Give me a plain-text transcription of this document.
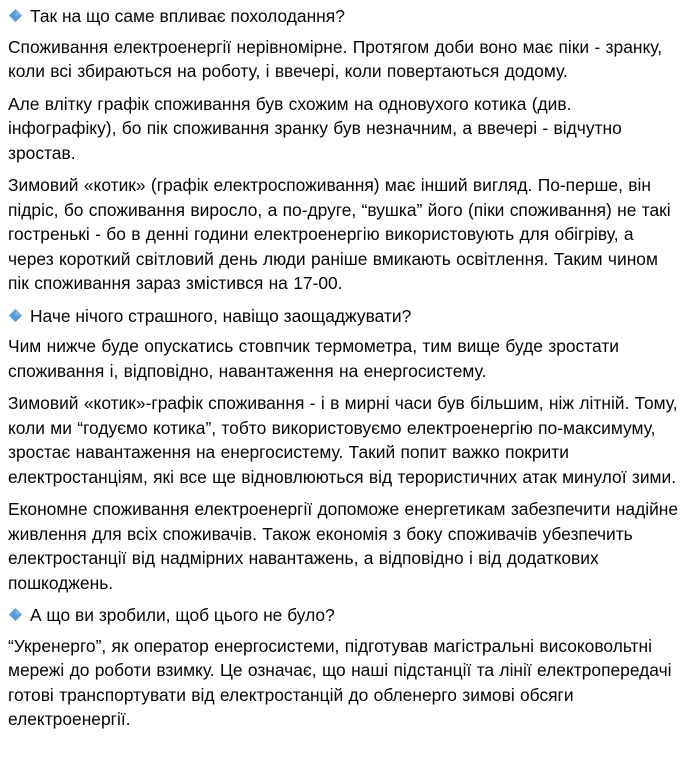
Так на що саме впливає похолодання?

Споживання електроенергії нерівномірне. Протягом доби воно має піки - зранку, коли всі збираються на роботу, і ввечері, коли повертаються додому.

Але влітку графік споживання був схожим на одновухого котика (див. інфографіку), бо пік споживання зранку був незначним, а ввечері - відчутно зростав.

Зимовий «котик» (графік електроспоживання) має інший вигляд. По-перше, він підріс, бо споживання виросло, а по-друге, “вушка” його (піки споживання) не такі гостренькі - бо в денні години електроенергію використовують для обігріву, а через короткий світловий день люди раніше вмикають освітлення. Таким чином пік споживання зараз змістився на 17-00.

Наче нічого страшного, навіщо заощаджувати?

Чим нижче буде опускатись стовпчик термометра, тим вище буде зростати споживання і, відповідно, навантаження на енергосистему.

Зимовий «котик»-графік споживання - і в мирні часи був більшим, ніж літній. Тому, коли ми “годуємо котика”, тобто використовуємо електроенергію по-максимуму, зростає навантаження на енергосистему. Такий попит важко покрити електростанціям, які все ще відновлюються від терористичних атак минулої зими.

Економне споживання електроенергії допоможе енергетикам забезпечити надійне живлення для всіх споживачів. Також економія з боку споживачів убезпечить електростанції від надмірних навантажень, а відповідно і від додаткових пошкоджень.

А що ви зробили, щоб цього не було?

“Укренерго”, як оператор енергосистеми, підготував магістральні високовольтні мережі до роботи взимку. Це означає, що наші підстанції та лінії електропередачі готові транспортувати від електростанцій до обленерго зимові обсяги електроенергії.
